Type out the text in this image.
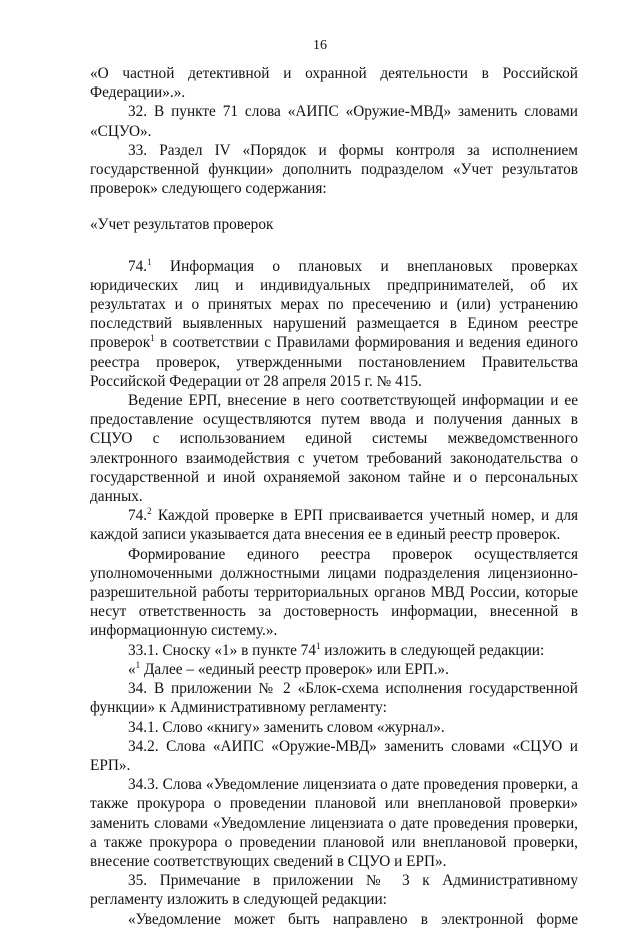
16

«О частной детективной и охранной деятельности в Российской Федерации».».

32. В пункте 71 слова «АИПС «Оружие-МВД» заменить словами «СЦУО».

33. Раздел IV «Порядок и формы контроля за исполнением государственной функции» дополнить подразделом «Учет результатов проверок» следующего содержания:

«Учет результатов проверок

74.$^1$ Информация о плановых и внеплановых проверках юридических лиц и индивидуальных предпринимателей, об их результатах и о принятых мерах по пресечению и (или) устранению последствий выявленных нарушений размещается в Едином реестре проверок$^1$ в соответствии с Правилами формирования и ведения единого реестра проверок, утвержденными постановлением Правительства Российской Федерации от 28 апреля 2015 г. № 415.

Ведение ЕРП, внесение в него соответствующей информации и ее предоставление осуществляются путем ввода и получения данных в СЦУО с использованием единой системы межведомственного электронного взаимодействия с учетом требований законодательства о государственной и иной охраняемой законом тайне и о персональных данных.

74.$^2$ Каждой проверке в ЕРП присваивается учетный номер, и для каждой записи указывается дата внесения ее в единый реестр проверок.

Формирование единого реестра проверок осуществляется уполномоченными должностными лицами подразделения лицензионно-разрешительной работы территориальных органов МВД России, которые несут ответственность за достоверность информации, внесенной в информационную систему.».

33.1. Сноску «1» в пункте $74^1$ изложить в следующей редакции:

«$^1$ Далее – «единый реестр проверок» или ЕРП.».

34. В приложении № 2 «Блок-схема исполнения государственной функции» к Административному регламенту:

34.1. Слово «книгу» заменить словом «журнал».

34.2. Слова «АИПС «Оружие-МВД» заменить словами «СЦУО и ЕРП».

34.3. Слова «Уведомление лицензиата о дате проведения проверки, а также прокурора о проведении плановой или внеплановой проверки» заменить словами «Уведомление лицензиата о дате проведения проверки, а также прокурора о проведении плановой или внеплановой проверки, внесение соответствующих сведений в СЦУО и ЕРП».

35. Примечание в приложении № 3 к Административному регламенту изложить в следующей редакции:

«Уведомление может быть направлено в электронной форме
